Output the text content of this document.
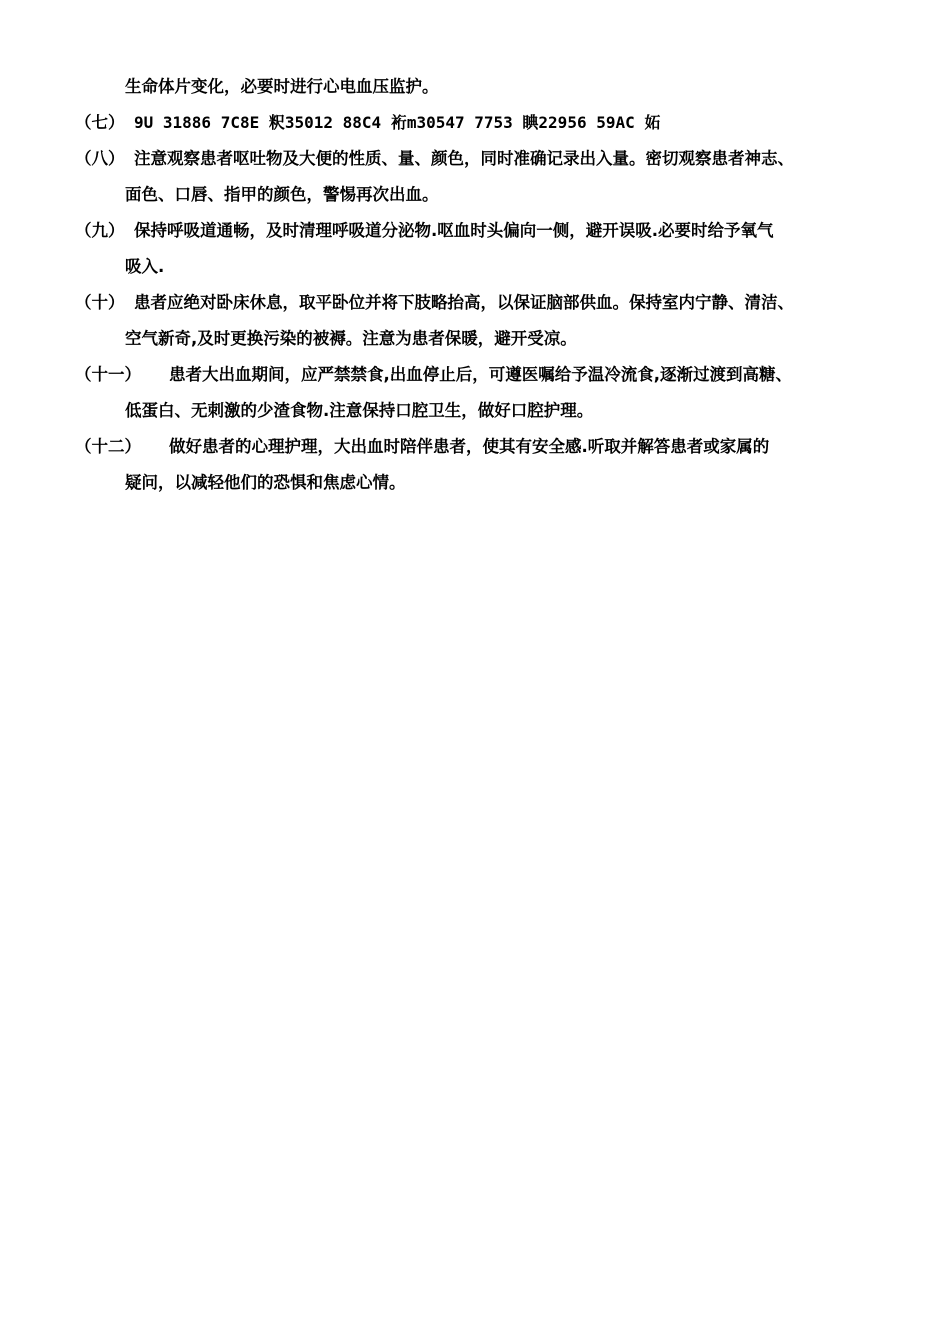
生命体片变化，必要时进行心电血压监护。
（七） 9U 31886 7C8E 粎35012 88C4 裄m30547 7753 睓22956 59AC 妬
（八） 注意观察患者呕吐物及大便的性质、量、颜色，同时准确记录出入量。密切观察患者神志、
面色、口唇、指甲的颜色，警惕再次出血。
（九） 保持呼吸道通畅，及时清理呼吸道分泌物.呕血时头偏向一侧，避开误吸.必要时给予氧气
吸入.
（十） 患者应绝对卧床休息，取平卧位并将下肢略抬高，以保证脑部供血。保持室内宁静、清洁、
空气新奇,及时更换污染的被褥。注意为患者保暖，避开受凉。
（十一） 患者大出血期间，应严禁禁食,出血停止后，可遵医嘱给予温冷流食,逐渐过渡到高糖、
低蛋白、无刺激的少渣食物.注意保持口腔卫生，做好口腔护理。
（十二） 做好患者的心理护理，大出血时陪伴患者，使其有安全感.听取并解答患者或家属的
疑问，以减轻他们的恐惧和焦虑心情。
